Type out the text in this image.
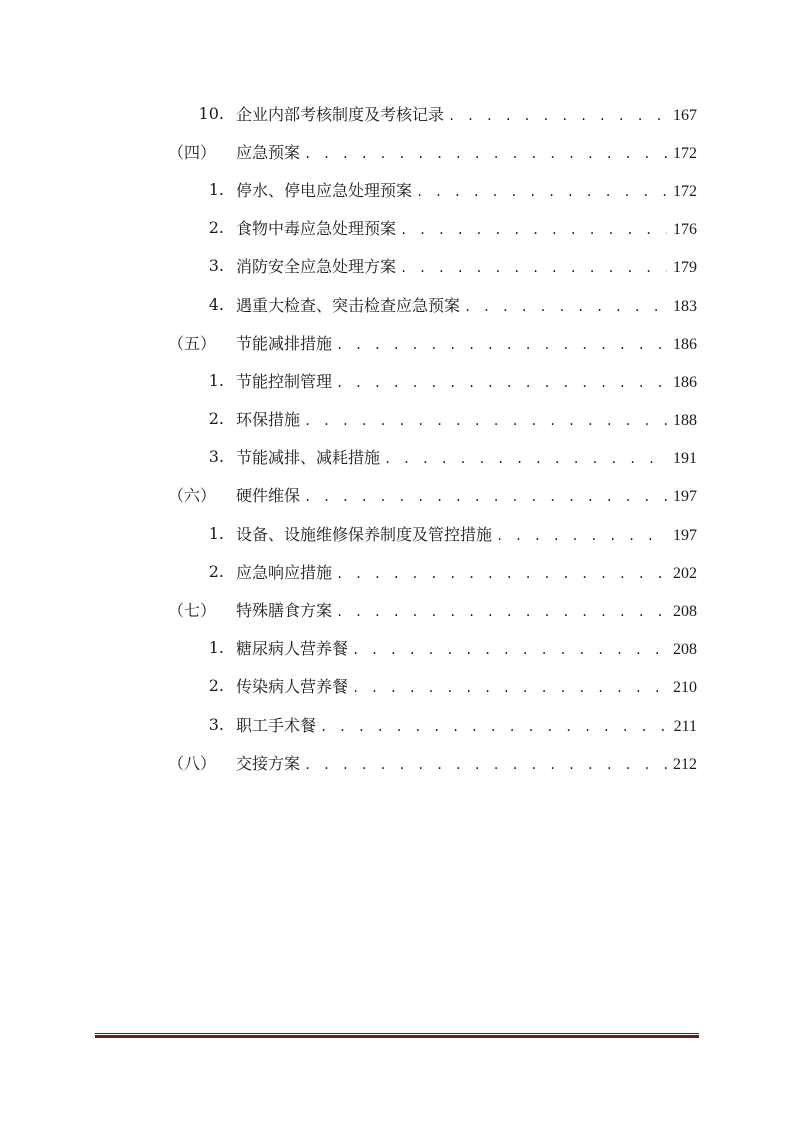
10. 企业内部考核制度及考核记录 . . .	167
（四） 应急预案 . . .	172
1. 停水、停电应急处理预案 . . .	172
2. 食物中毒应急处理预案 . . .	176
3. 消防安全应急处理方案 . . .	179
4. 遇重大检查、突击检查应急预案 . . .	183
（五） 节能减排措施 . . .	186
1. 节能控制管理 . . .	186
2. 环保措施 . . .	188
3. 节能减排、减耗措施 . . .	191
（六） 硬件维保 . . .	197
1. 设备、设施维修保养制度及管控措施 . . .	197
2. 应急响应措施 . . .	202
（七） 特殊膳食方案 . . .	208
1. 糖尿病人营养餐 . . .	208
2. 传染病人营养餐 . . .	210
3. 职工手术餐 . . .	211
（八） 交接方案 . . .	212
